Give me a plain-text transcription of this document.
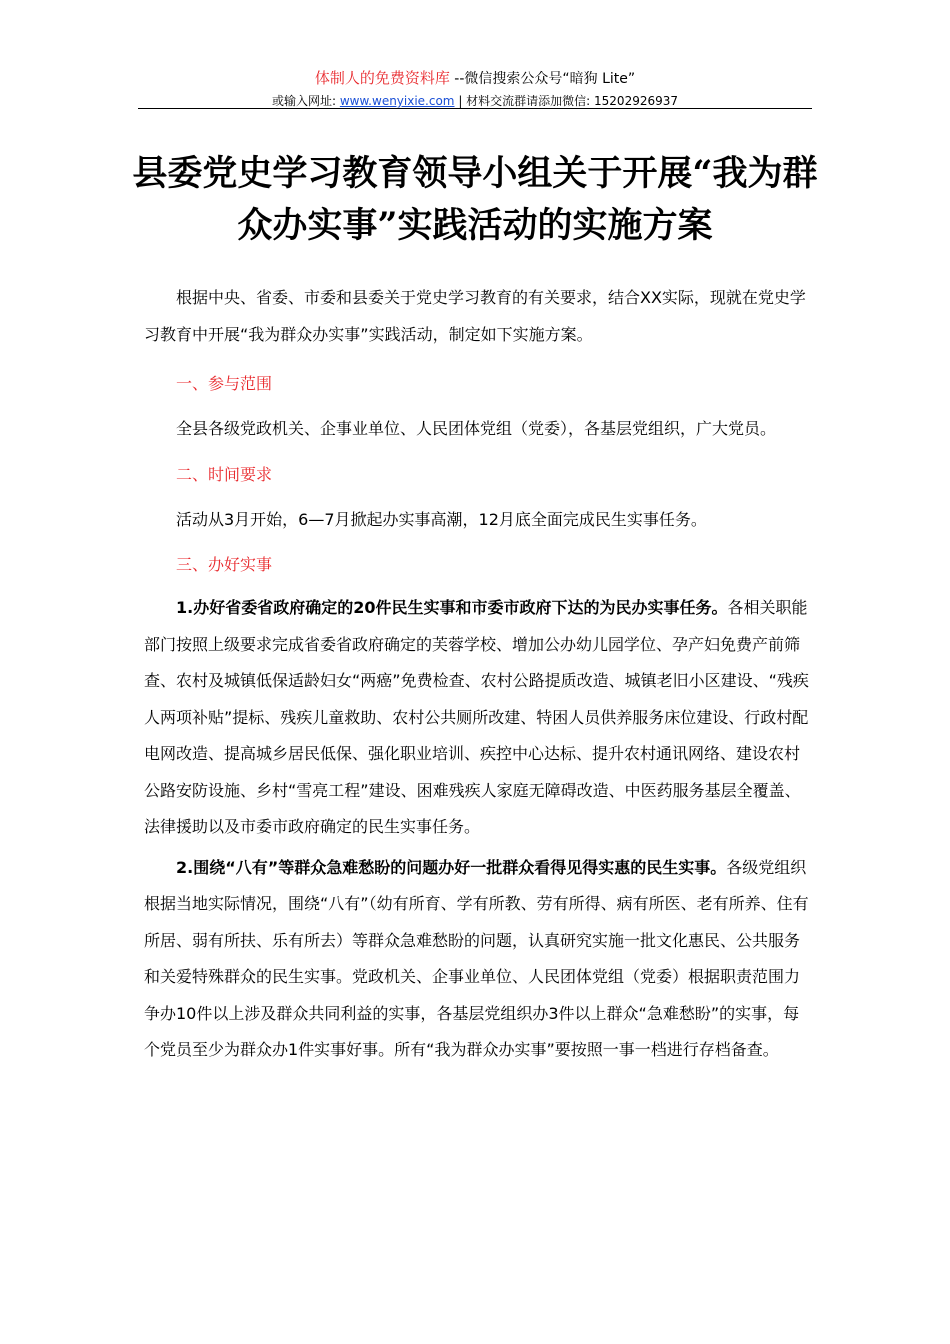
体制人的免费资料库 --微信搜索公众号“暗狗 Lite”
或输入网址: www.wenyixie.com | 材料交流群请添加微信: 15202926937
县委党史学习教育领导小组关于开展“我为群众办实事”实践活动的实施方案

根据中央、省委、市委和县委关于党史学习教育的有关要求，结合XX实际，现就在党史学习教育中开展“我为群众办实事”实践活动，制定如下实施方案。

一、参与范围

全县各级党政机关、企事业单位、人民团体党组（党委），各基层党组织，广大党员。

二、时间要求

活动从3月开始，6—7月掀起办实事高潮，12月底全面完成民生实事任务。

三、办好实事

1.办好省委省政府确定的20件民生实事和市委市政府下达的为民办实事任务。各相关职能部门按照上级要求完成省委省政府确定的芙蓉学校、增加公办幼儿园学位、孕产妇免费产前筛查、农村及城镇低保适龄妇女“两癌”免费检查、农村公路提质改造、城镇老旧小区建设、“残疾人两项补贴”提标、残疾儿童救助、农村公共厕所改建、特困人员供养服务床位建设、行政村配电网改造、提高城乡居民低保、强化职业培训、疾控中心达标、提升农村通讯网络、建设农村公路安防设施、乡村“雪亮工程”建设、困难残疾人家庭无障碍改造、中医药服务基层全覆盖、法律援助以及市委市政府确定的民生实事任务。

2.围绕“八有”等群众急难愁盼的问题办好一批群众看得见得实惠的民生实事。各级党组织根据当地实际情况，围绕“八有”（幼有所育、学有所教、劳有所得、病有所医、老有所养、住有所居、弱有所扶、乐有所去）等群众急难愁盼的问题，认真研究实施一批文化惠民、公共服务和关爱特殊群众的民生实事。党政机关、企事业单位、人民团体党组（党委）根据职责范围力争办10件以上涉及群众共同利益的实事，各基层党组织办3件以上群众“急难愁盼”的实事，每个党员至少为群众办1件实事好事。所有“我为群众办实事”要按照一事一档进行存档备查。
